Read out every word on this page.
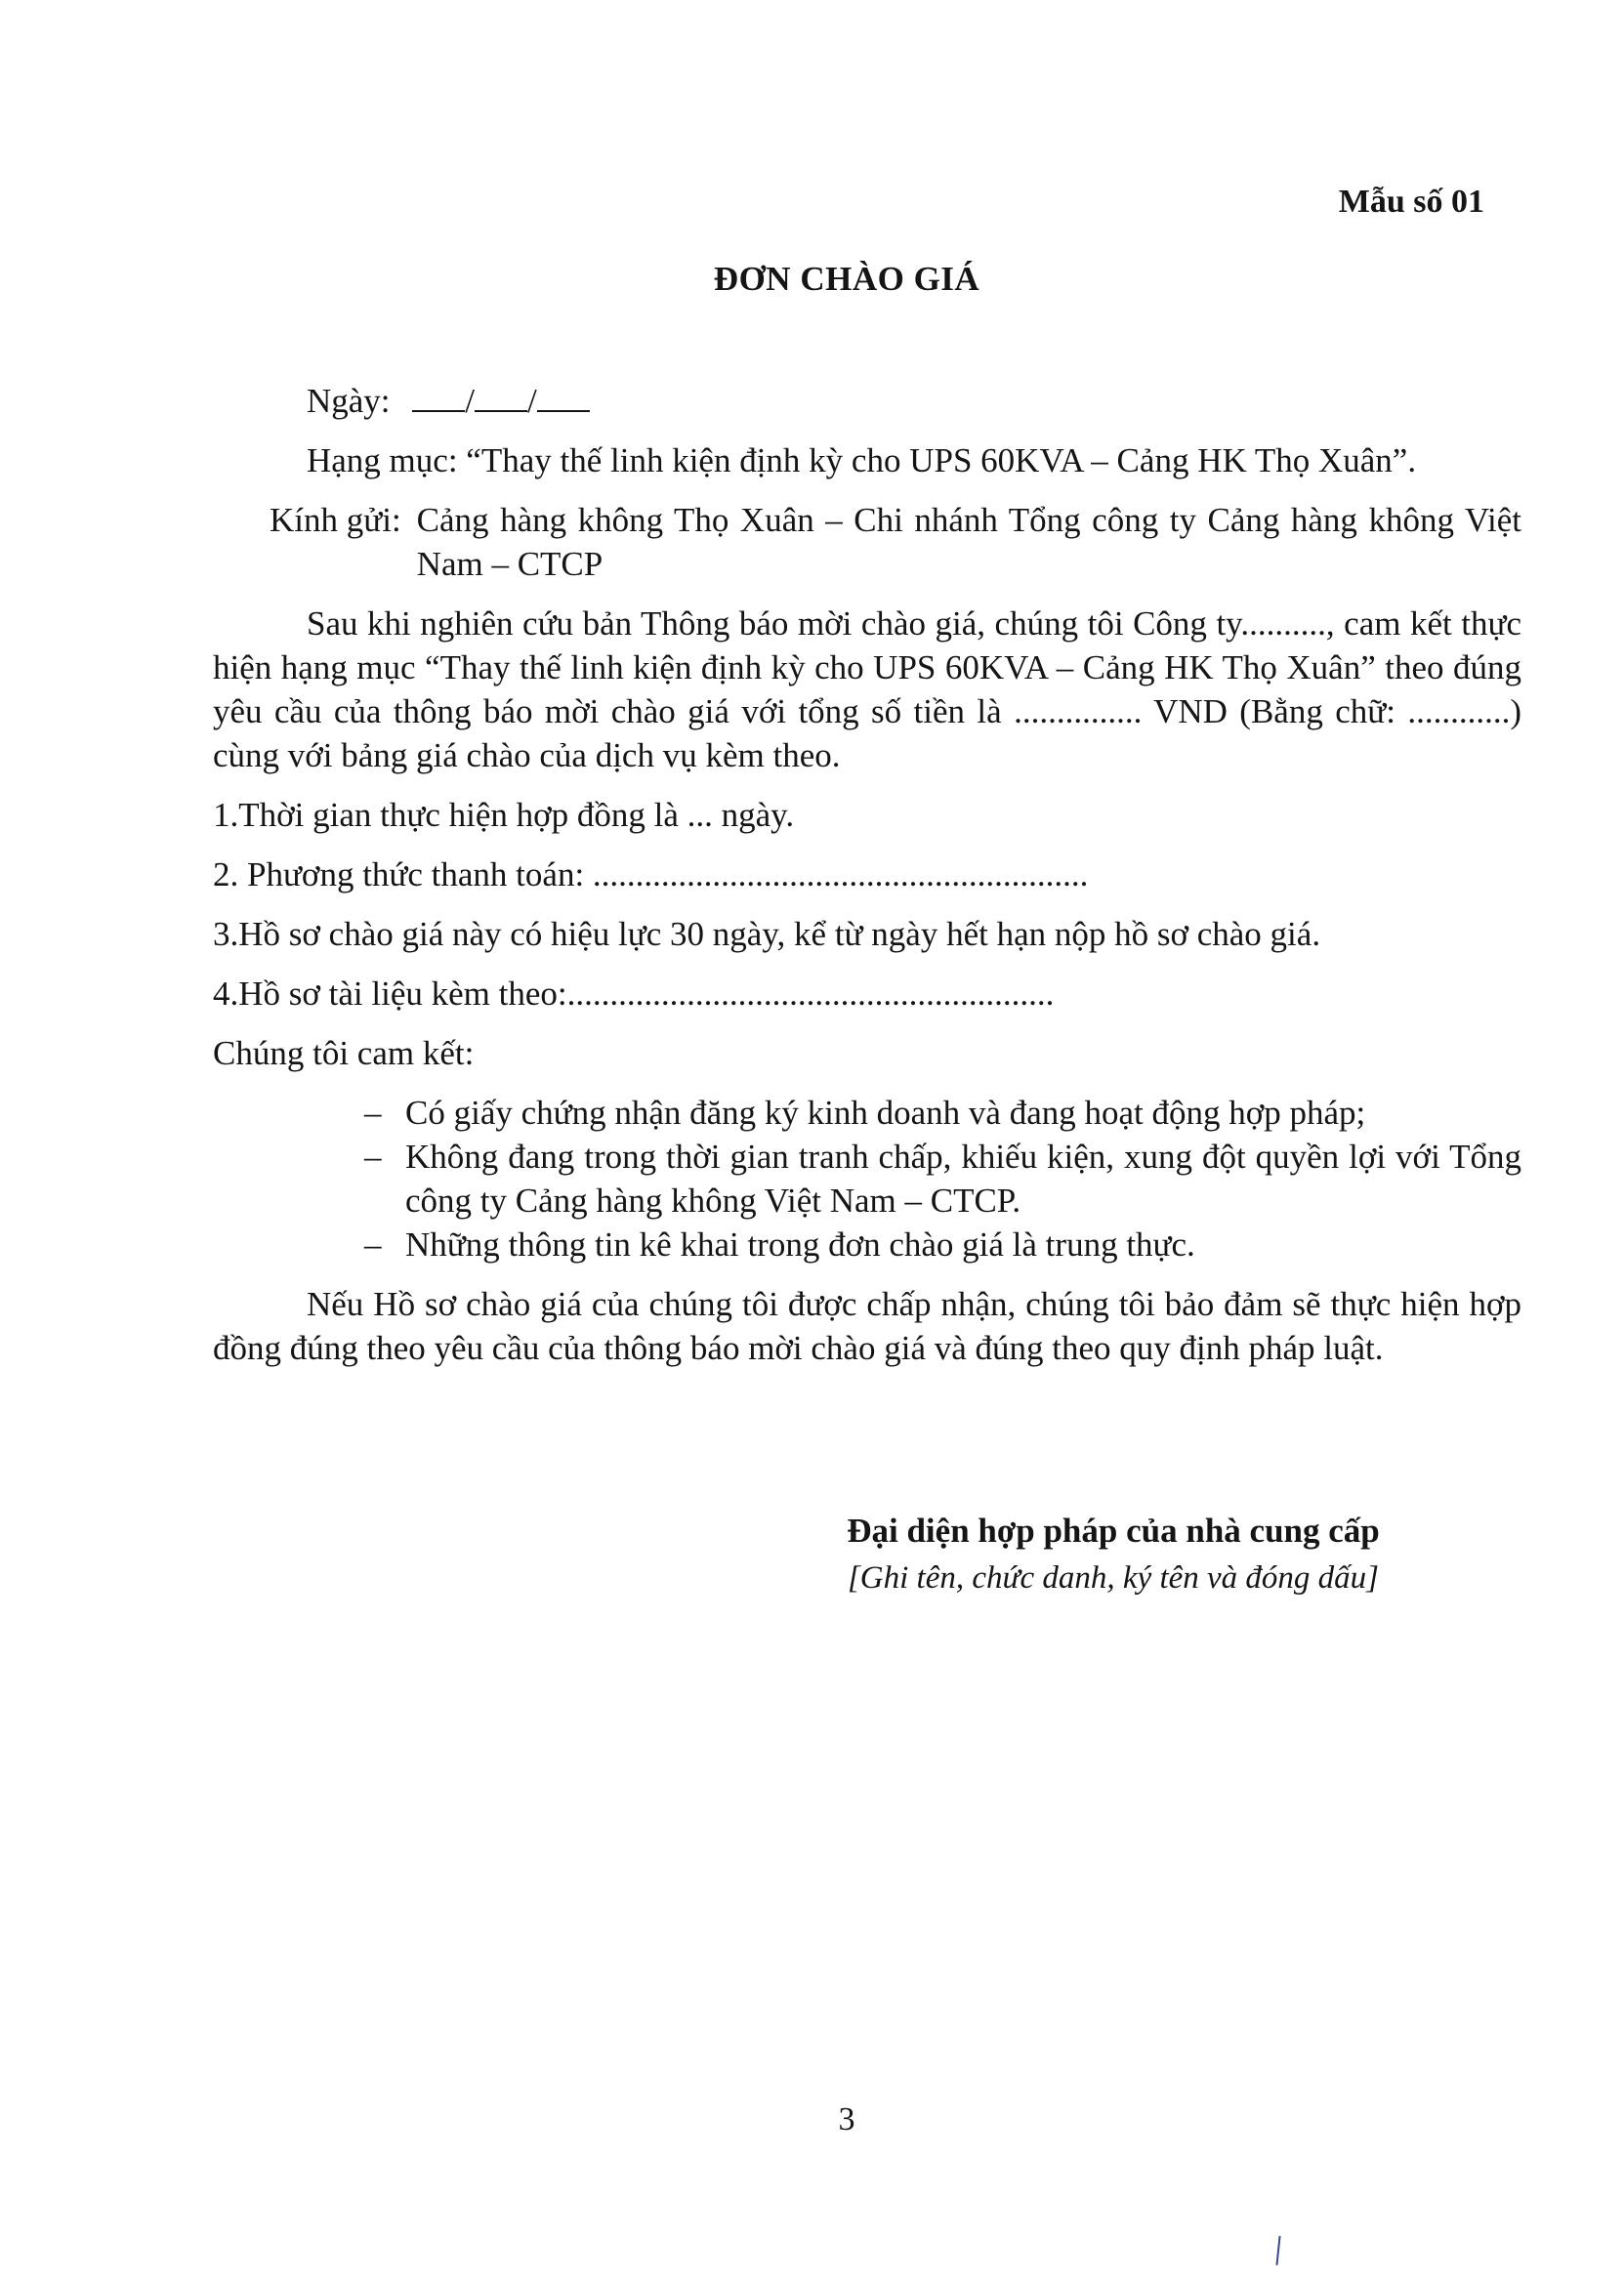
Mẫu số 01
ĐƠN CHÀO GIÁ
Ngày: / /

Hạng mục: “Thay thế linh kiện định kỳ cho UPS 60KVA – Cảng HK Thọ Xuân”.

Kính gửi: Cảng hàng không Thọ Xuân – Chi nhánh Tổng công ty Cảng hàng không Việt Nam – CTCP

Sau khi nghiên cứu bản Thông báo mời chào giá, chúng tôi Công ty.........., cam kết thực hiện hạng mục “Thay thế linh kiện định kỳ cho UPS 60KVA – Cảng HK Thọ Xuân” theo đúng yêu cầu của thông báo mời chào giá với tổng số tiền là ............... VND (Bằng chữ: ............) cùng với bảng giá chào của dịch vụ kèm theo.

1.Thời gian thực hiện hợp đồng là ... ngày.

2. Phương thức thanh toán: ..........................................................

3.Hồ sơ chào giá này có hiệu lực 30 ngày, kể từ ngày hết hạn nộp hồ sơ chào giá.

4.Hồ sơ tài liệu kèm theo:.........................................................

Chúng tôi cam kết:

– Có giấy chứng nhận đăng ký kinh doanh và đang hoạt động hợp pháp;
– Không đang trong thời gian tranh chấp, khiếu kiện, xung đột quyền lợi với Tổng công ty Cảng hàng không Việt Nam – CTCP.
– Những thông tin kê khai trong đơn chào giá là trung thực.

Nếu Hồ sơ chào giá của chúng tôi được chấp nhận, chúng tôi bảo đảm sẽ thực hiện hợp đồng đúng theo yêu cầu của thông báo mời chào giá và đúng theo quy định pháp luật.

Đại diện hợp pháp của nhà cung cấp
[Ghi tên, chức danh, ký tên và đóng dấu]
3
